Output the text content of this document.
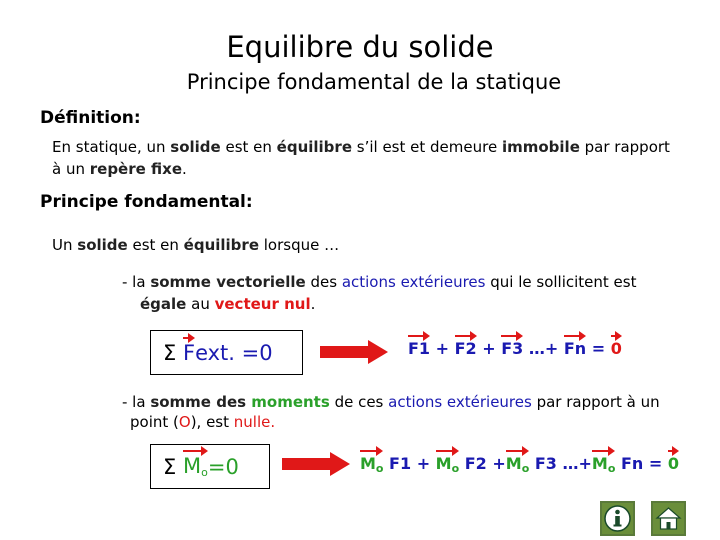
Equilibre du solide
Principe fondamental de la statique
Définition:
En statique, un solide est en équilibre s’il est et demeure immobile par rapport
à un repère fixe.
Principe fondamental:
Un solide est en équilibre lorsque …
- la somme vectorielle des actions extérieures qui le sollicitent est
égale au vecteur nul.
Σ
F ext. = 0	F1 + F2 + F3 …+ Fn = 0
- la somme des moments de ces actions extérieures par rapport à un
point (O), est nulle.
Σ
$M_o = 0$	$M_o$ $F1 + M_o$ $F2 +M_o$ F3 $\dots+M_o$ Fn = 0
